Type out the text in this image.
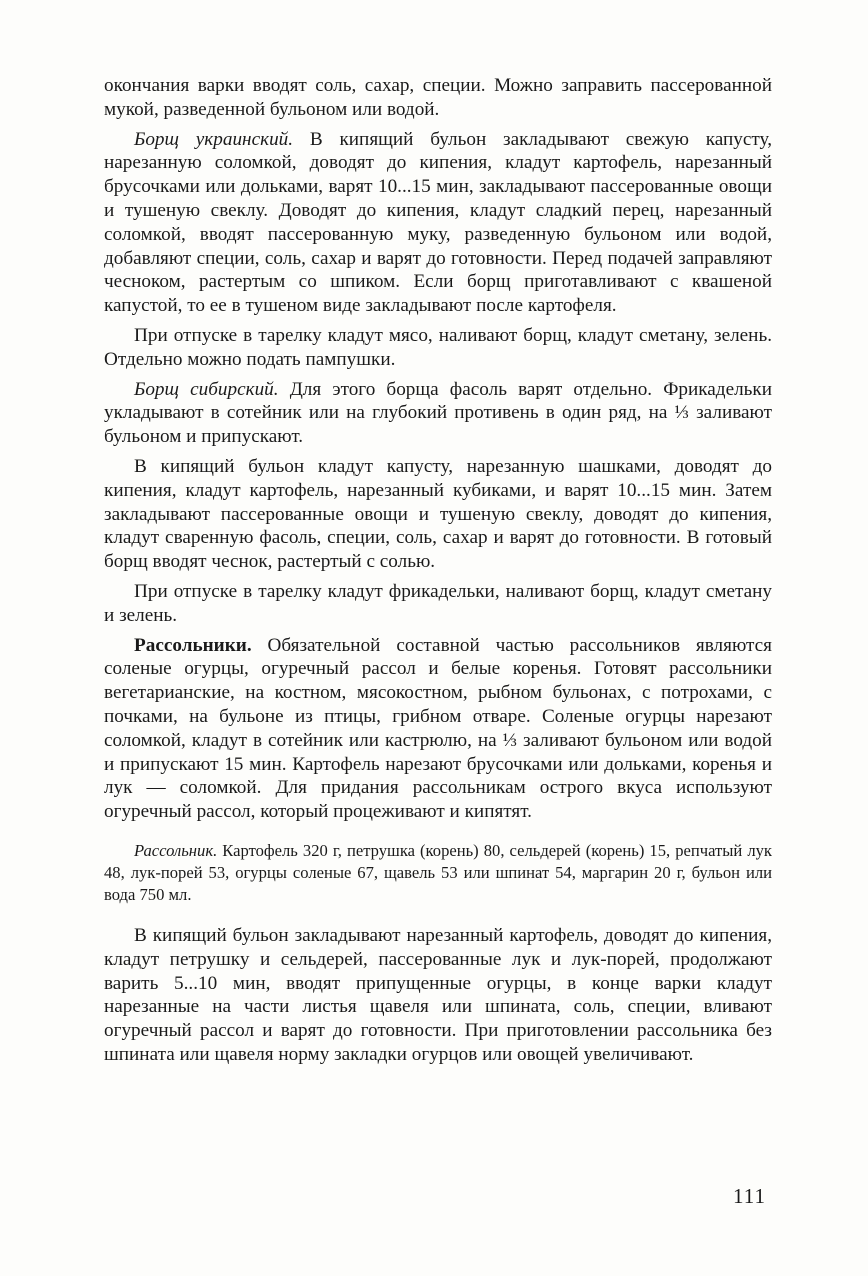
окончания варки вводят соль, сахар, специи. Можно заправить пассерованной мукой, разведенной бульоном или водой.

Борщ украинский. В кипящий бульон закладывают свежую капусту, нарезанную соломкой, доводят до кипения, кладут картофель, нарезанный брусочками или дольками, варят 10...15 мин, закладывают пассерованные овощи и тушеную свеклу. Доводят до кипения, кладут сладкий перец, нарезанный соломкой, вводят пассерованную муку, разведенную бульоном или водой, добавляют специи, соль, сахар и варят до готовности. Перед подачей заправляют чесноком, растертым со шпиком. Если борщ приготавливают с квашеной капустой, то ее в тушеном виде закладывают после картофеля.

При отпуске в тарелку кладут мясо, наливают борщ, кладут сметану, зелень. Отдельно можно подать пампушки.

Борщ сибирский. Для этого борща фасоль варят отдельно. Фрикадельки укладывают в сотейник или на глубокий противень в один ряд, на ⅓ заливают бульоном и припускают.

В кипящий бульон кладут капусту, нарезанную шашками, доводят до кипения, кладут картофель, нарезанный кубиками, и варят 10...15 мин. Затем закладывают пассерованные овощи и тушеную свеклу, доводят до кипения, кладут сваренную фасоль, специи, соль, сахар и варят до готовности. В готовый борщ вводят чеснок, растертый с солью.

При отпуске в тарелку кладут фрикадельки, наливают борщ, кладут сметану и зелень.

Рассольники. Обязательной составной частью рассольников являются соленые огурцы, огуречный рассол и белые коренья. Готовят рассольники вегетарианские, на костном, мясокостном, рыбном бульонах, с потрохами, с почками, на бульоне из птицы, грибном отваре. Соленые огурцы нарезают соломкой, кладут в сотейник или кастрюлю, на ⅓ заливают бульоном или водой и припускают 15 мин. Картофель нарезают брусочками или дольками, коренья и лук — соломкой. Для придания рассольникам острого вкуса используют огуречный рассол, который процеживают и кипятят.

Рассольник. Картофель 320 г, петрушка (корень) 80, сельдерей (корень) 15, репчатый лук 48, лук-порей 53, огурцы соленые 67, щавель 53 или шпинат 54, маргарин 20 г, бульон или вода 750 мл.

В кипящий бульон закладывают нарезанный картофель, доводят до кипения, кладут петрушку и сельдерей, пассерованные лук и лук-порей, продолжают варить 5...10 мин, вводят припущенные огурцы, в конце варки кладут нарезанные на части листья щавеля или шпината, соль, специи, вливают огуречный рассол и варят до готовности. При приготовлении рассольника без шпината или щавеля норму закладки огурцов или овощей увеличивают.

111
